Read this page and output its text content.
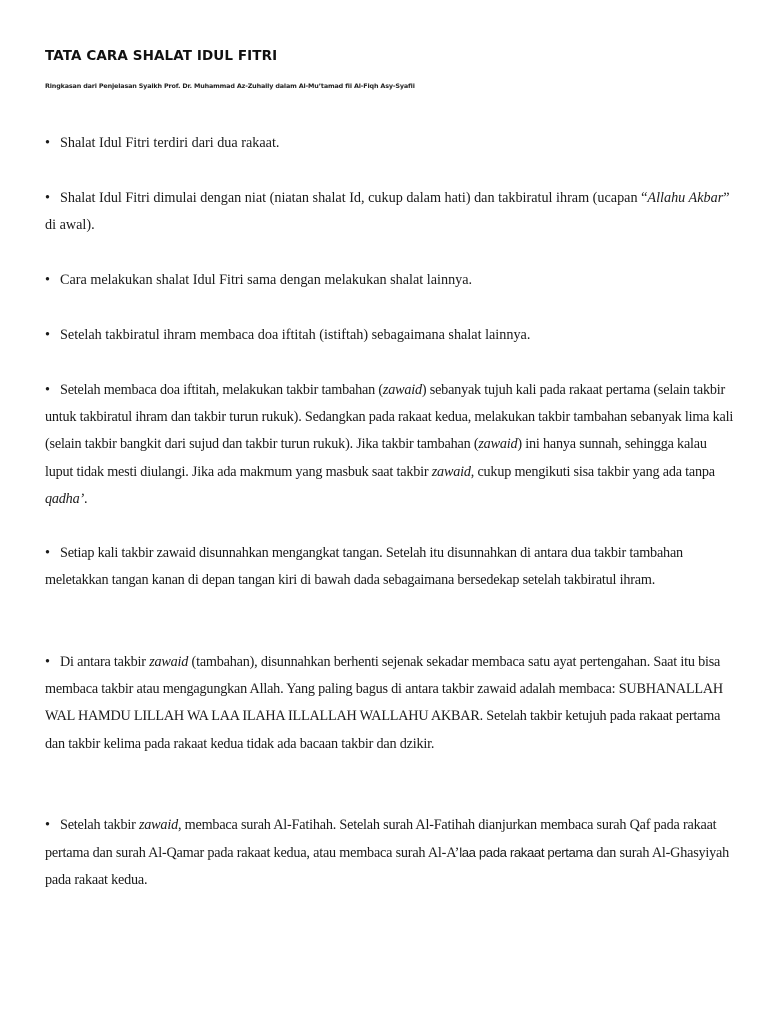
TATA CARA SHALAT IDUL FITRI

Ringkasan dari Penjelasan Syaikh Prof. Dr. Muhammad Az-Zuhaily dalam Al-Mu’tamad fii Al-Fiqh Asy-Syafii

• Shalat Idul Fitri terdiri dari dua rakaat.

• Shalat Idul Fitri dimulai dengan niat (niatan shalat Id, cukup dalam hati) dan takbiratul ihram (ucapan “Allahu Akbar” di awal).

• Cara melakukan shalat Idul Fitri sama dengan melakukan shalat lainnya.

• Setelah takbiratul ihram membaca doa iftitah (istiftah) sebagaimana shalat lainnya.

• Setelah membaca doa iftitah, melakukan takbir tambahan (zawaid) sebanyak tujuh kali pada rakaat pertama (selain takbir untuk takbiratul ihram dan takbir turun rukuk). Sedangkan pada rakaat kedua, melakukan takbir tambahan sebanyak lima kali (selain takbir bangkit dari sujud dan takbir turun rukuk). Jika takbir tambahan (zawaid) ini hanya sunnah, sehingga kalau luput tidak mesti diulangi. Jika ada makmum yang masbuk saat takbir zawaid, cukup mengikuti sisa takbir yang ada tanpa qadha’.

• Setiap kali takbir zawaid disunnahkan mengangkat tangan. Setelah itu disunnahkan di antara dua takbir tambahan meletakkan tangan kanan di depan tangan kiri di bawah dada sebagaimana bersedekap setelah takbiratul ihram.

• Di antara takbir zawaid (tambahan), disunnahkan berhenti sejenak sekadar membaca satu ayat pertengahan. Saat itu bisa membaca takbir atau mengagungkan Allah. Yang paling bagus di antara takbir zawaid adalah membaca: SUBHANALLAH WAL HAMDU LILLAH WA LAA ILAHA ILLALLAH WALLAHU AKBAR. Setelah takbir ketujuh pada rakaat pertama dan takbir kelima pada rakaat kedua tidak ada bacaan takbir dan dzikir.

• Setelah takbir zawaid, membaca surah Al-Fatihah. Setelah surah Al-Fatihah dianjurkan membaca surah Qaf pada rakaat pertama dan surah Al-Qamar pada rakaat kedua, atau membaca surah Al-A’laa pada rakaat pertama dan surah Al-Ghasyiyah pada rakaat kedua.
